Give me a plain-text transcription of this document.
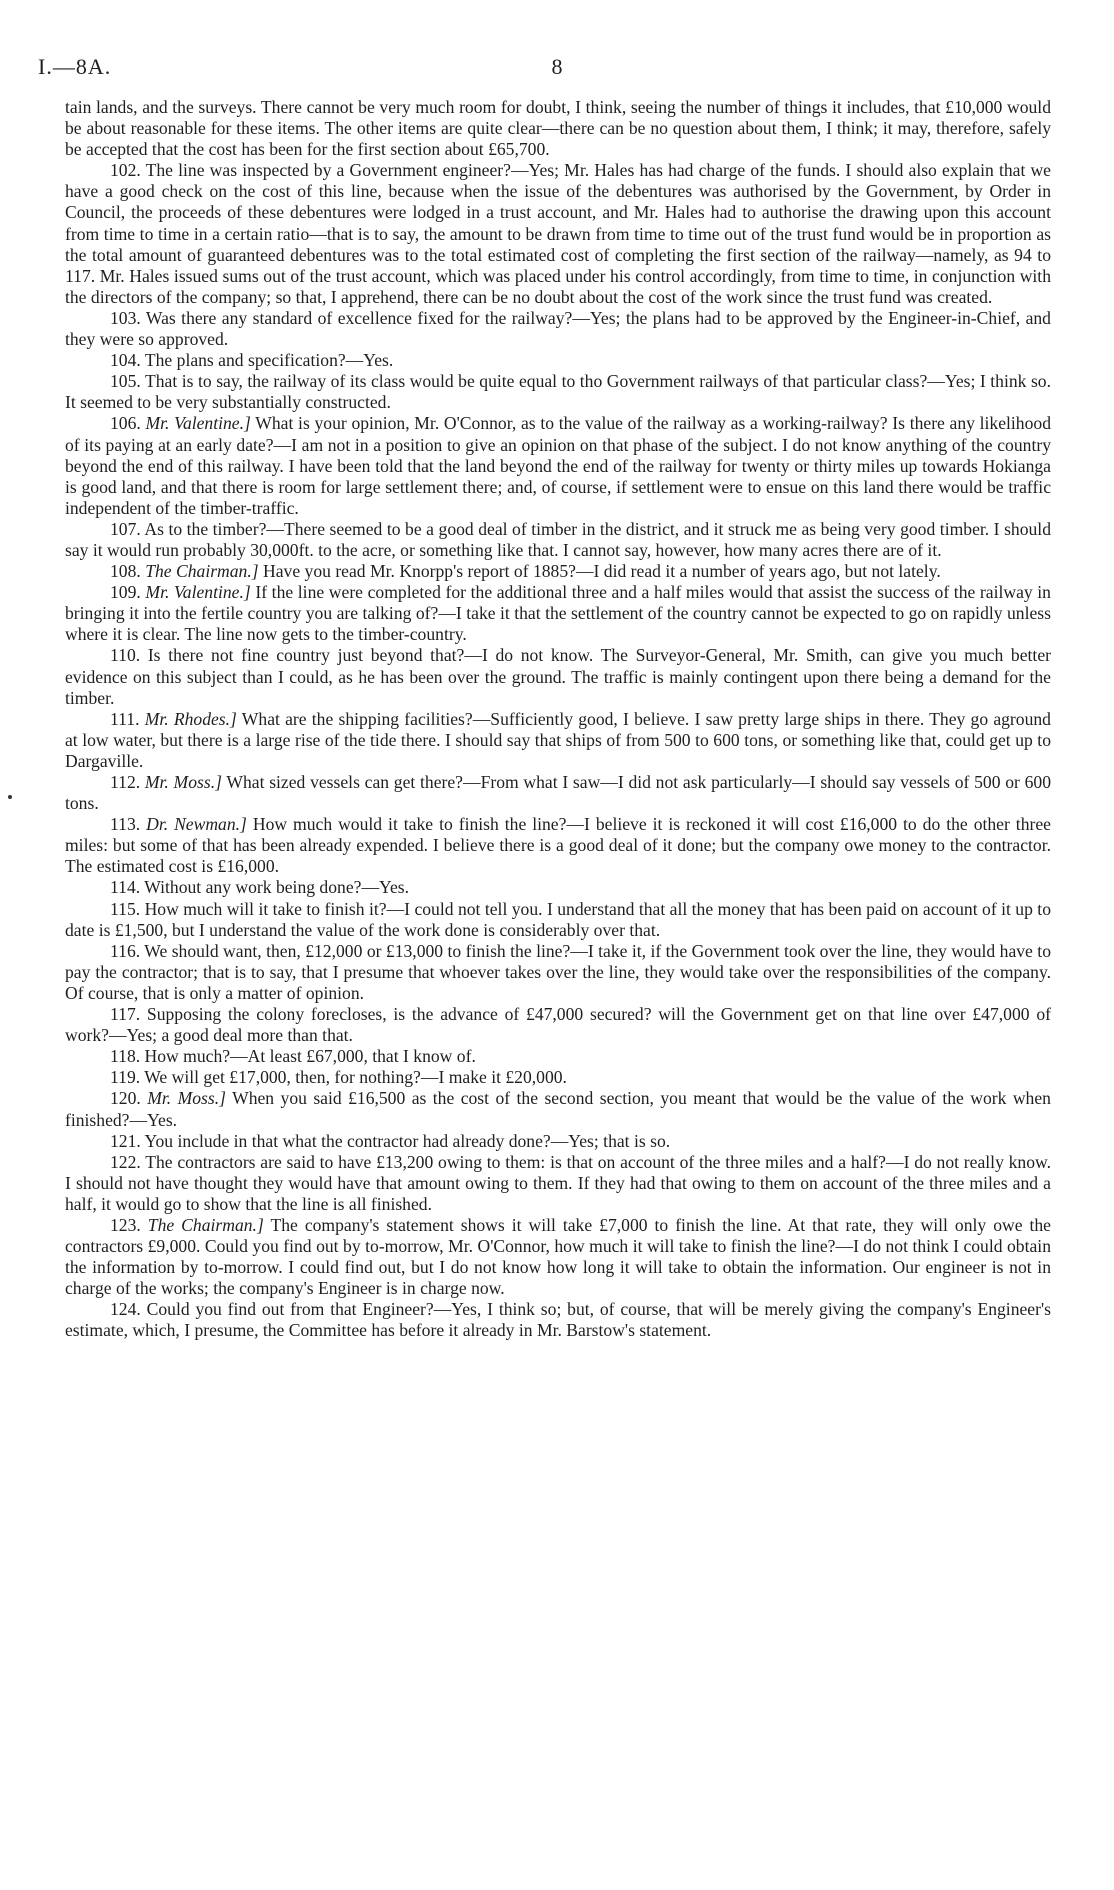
I.—8A.	8

tain lands, and the surveys. There cannot be very much room for doubt, I think, seeing the number of things it includes, that £10,000 would be about reasonable for these items. The other items are quite clear—there can be no question about them, I think; it may, therefore, safely be accepted that the cost has been for the first section about £65,700.

102. The line was inspected by a Government engineer?—Yes; Mr. Hales has had charge of the funds. I should also explain that we have a good check on the cost of this line, because when the issue of the debentures was authorised by the Government, by Order in Council, the proceeds of these debentures were lodged in a trust account, and Mr. Hales had to authorise the drawing upon this account from time to time in a certain ratio—that is to say, the amount to be drawn from time to time out of the trust fund would be in proportion as the total amount of guaranteed debentures was to the total estimated cost of completing the first section of the railway—namely, as 94 to 117. Mr. Hales issued sums out of the trust account, which was placed under his control accordingly, from time to time, in conjunction with the directors of the company; so that, I apprehend, there can be no doubt about the cost of the work since the trust fund was created.

103. Was there any standard of excellence fixed for the railway?—Yes; the plans had to be approved by the Engineer-in-Chief, and they were so approved.

104. The plans and specification?—Yes.

105. That is to say, the railway of its class would be quite equal to tho Government railways of that particular class?—Yes; I think so. It seemed to be very substantially constructed.

106. Mr. Valentine.] What is your opinion, Mr. O'Connor, as to the value of the railway as a working-railway? Is there any likelihood of its paying at an early date?—I am not in a position to give an opinion on that phase of the subject. I do not know anything of the country beyond the end of this railway. I have been told that the land beyond the end of the railway for twenty or thirty miles up towards Hokianga is good land, and that there is room for large settlement there; and, of course, if settlement were to ensue on this land there would be traffic independent of the timber-traffic.

107. As to the timber?—There seemed to be a good deal of timber in the district, and it struck me as being very good timber. I should say it would run probably 30,000ft. to the acre, or something like that. I cannot say, however, how many acres there are of it.

108. The Chairman.] Have you read Mr. Knorpp's report of 1885?—I did read it a number of years ago, but not lately.

109. Mr. Valentine.] If the line were completed for the additional three and a half miles would that assist the success of the railway in bringing it into the fertile country you are talking of?—I take it that the settlement of the country cannot be expected to go on rapidly unless where it is clear. The line now gets to the timber-country.

110. Is there not fine country just beyond that?—I do not know. The Surveyor-General, Mr. Smith, can give you much better evidence on this subject than I could, as he has been over the ground. The traffic is mainly contingent upon there being a demand for the timber.

111. Mr. Rhodes.] What are the shipping facilities?—Sufficiently good, I believe. I saw pretty large ships in there. They go aground at low water, but there is a large rise of the tide there. I should say that ships of from 500 to 600 tons, or something like that, could get up to Dargaville.

112. Mr. Moss.] What sized vessels can get there?—From what I saw—I did not ask particularly—I should say vessels of 500 or 600 tons.

113. Dr. Newman.] How much would it take to finish the line?—I believe it is reckoned it will cost £16,000 to do the other three miles: but some of that has been already expended. I believe there is a good deal of it done; but the company owe money to the contractor. The estimated cost is £16,000.

114. Without any work being done?—Yes.

115. How much will it take to finish it?—I could not tell you. I understand that all the money that has been paid on account of it up to date is £1,500, but I understand the value of the work done is considerably over that.

116. We should want, then, £12,000 or £13,000 to finish the line?—I take it, if the Government took over the line, they would have to pay the contractor; that is to say, that I presume that whoever takes over the line, they would take over the responsibilities of the company. Of course, that is only a matter of opinion.

117. Supposing the colony forecloses, is the advance of £47,000 secured? will the Government get on that line over £47,000 of work?—Yes; a good deal more than that.

118. How much?—At least £67,000, that I know of.

119. We will get £17,000, then, for nothing?—I make it £20,000.

120. Mr. Moss.] When you said £16,500 as the cost of the second section, you meant that would be the value of the work when finished?—Yes.

121. You include in that what the contractor had already done?—Yes; that is so.

122. The contractors are said to have £13,200 owing to them: is that on account of the three miles and a half?—I do not really know. I should not have thought they would have that amount owing to them. If they had that owing to them on account of the three miles and a half, it would go to show that the line is all finished.

123. The Chairman.] The company's statement shows it will take £7,000 to finish the line. At that rate, they will only owe the contractors £9,000. Could you find out by to-morrow, Mr. O'Connor, how much it will take to finish the line?—I do not think I could obtain the information by to-morrow. I could find out, but I do not know how long it will take to obtain the information. Our engineer is not in charge of the works; the company's Engineer is in charge now.

124. Could you find out from that Engineer?—Yes, I think so; but, of course, that will be merely giving the company's Engineer's estimate, which, I presume, the Committee has before it already in Mr. Barstow's statement.
